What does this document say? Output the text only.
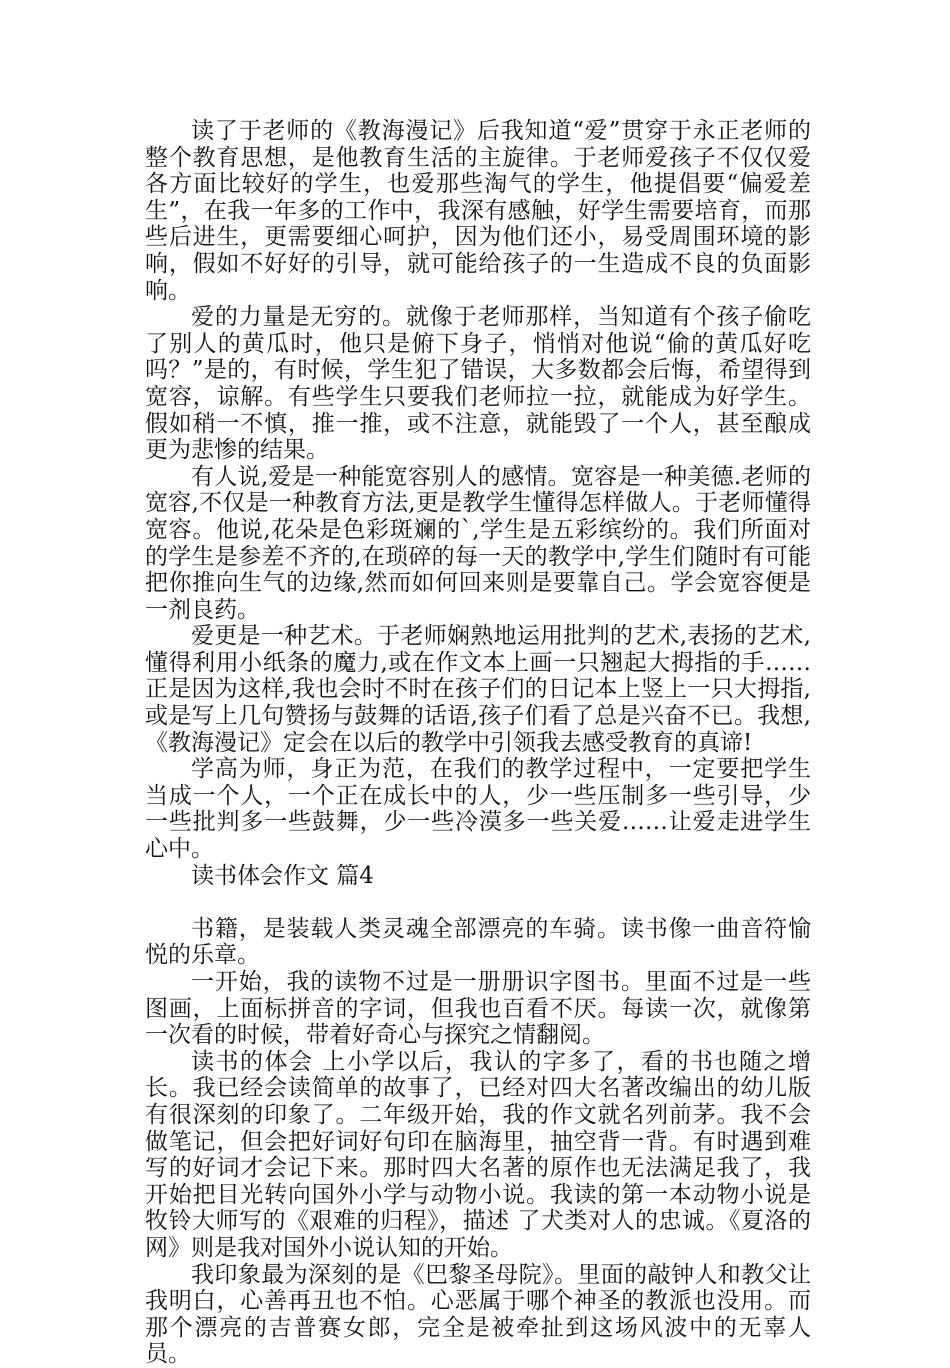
读了于老师的《教海漫记》后我知道“爱”贯穿于永正老师的整个教育思想，是他教育生活的主旋律。于老师爱孩子不仅仅爱各方面比较好的学生，也爱那些淘气的学生，他提倡要“偏爱差生”，在我一年多的工作中，我深有感触，好学生需要培育，而那些后进生，更需要细心呵护，因为他们还小，易受周围环境的影响，假如不好好的引导，就可能给孩子的一生造成不良的负面影响。

爱的力量是无穷的。就像于老师那样，当知道有个孩子偷吃了别人的黄瓜时，他只是俯下身子，悄悄对他说“偷的黄瓜好吃吗？”是的，有时候，学生犯了错误，大多数都会后悔，希望得到宽容，谅解。有些学生只要我们老师拉一拉，就能成为好学生。假如稍一不慎，推一推，或不注意，就能毁了一个人，甚至酿成更为悲惨的结果。

有人说,爱是一种能宽容别人的感情。宽容是一种美德.老师的宽容,不仅是一种教育方法,更是教学生懂得怎样做人。于老师懂得宽容。他说,花朵是色彩斑斓的`,学生是五彩缤纷的。我们所面对的学生是参差不齐的,在琐碎的每一天的教学中,学生们随时有可能把你推向生气的边缘,然而如何回来则是要靠自己。学会宽容便是一剂良药。

爱更是一种艺术。于老师娴熟地运用批判的艺术,表扬的艺术,懂得利用小纸条的魔力,或在作文本上画一只翘起大拇指的手……正是因为这样,我也会时不时在孩子们的日记本上竖上一只大拇指,或是写上几句赞扬与鼓舞的话语,孩子们看了总是兴奋不已。我想,《教海漫记》定会在以后的教学中引领我去感受教育的真谛!

学高为师，身正为范，在我们的教学过程中，一定要把学生当成一个人，一个正在成长中的人，少一些压制多一些引导，少一些批判多一些鼓舞，少一些冷漠多一些关爱……让爱走进学生心中。

读书体会作文 篇4

书籍，是装载人类灵魂全部漂亮的车骑。读书像一曲音符愉悦的乐章。

一开始，我的读物不过是一册册识字图书。里面不过是一些图画，上面标拼音的字词，但我也百看不厌。每读一次，就像第一次看的时候，带着好奇心与探究之情翻阅。

读书的体会 上小学以后，我认的字多了，看的书也随之增长。我已经会读简单的故事了，已经对四大名著改编出的幼儿版有很深刻的印象了。二年级开始，我的作文就名列前茅。我不会做笔记，但会把好词好句印在脑海里，抽空背一背。有时遇到难写的好词才会记下来。那时四大名著的原作也无法满足我了，我开始把目光转向国外小学与动物小说。我读的第一本动物小说是牧铃大师写的《艰难的归程》，描述 了犬类对人的忠诚。《夏洛的网》则是我对国外小说认知的开始。

我印象最为深刻的是《巴黎圣母院》。里面的敲钟人和教父让我明白，心善再丑也不怕。心恶属于哪个神圣的教派也没用。而那个漂亮的吉普赛女郎，完全是被牵扯到这场风波中的无辜人员。
